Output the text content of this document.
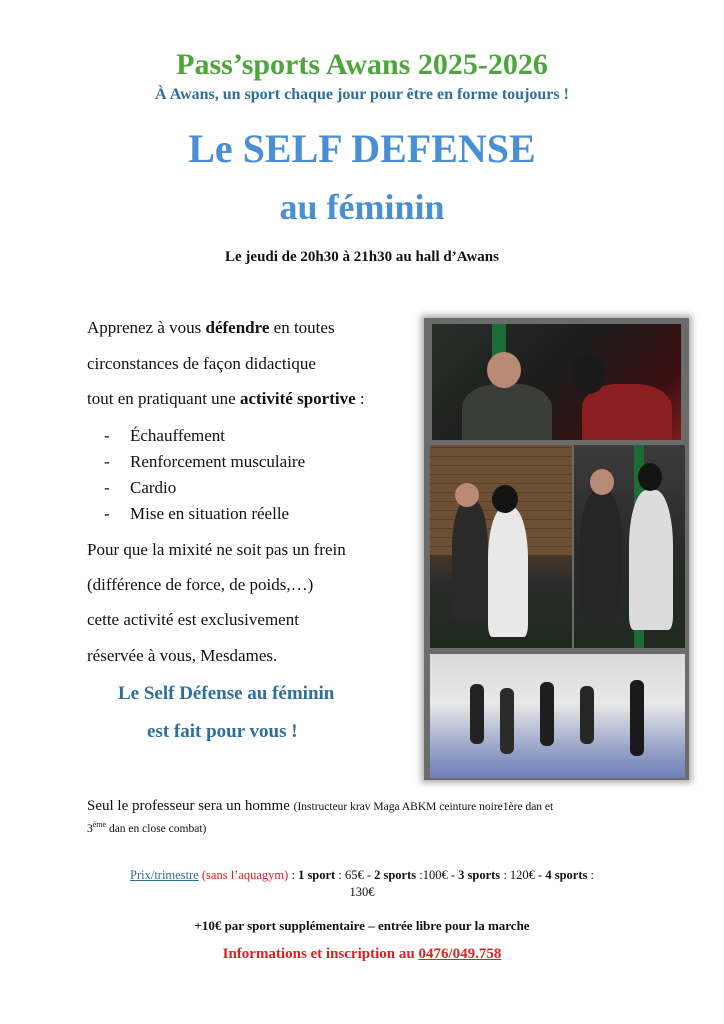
Pass’sports Awans 2025-2026
À Awans, un sport chaque jour pour être en forme toujours !
Le SELF DEFENSE
au féminin
Le jeudi de 20h30 à 21h30 au hall d’Awans
Apprenez à vous défendre en toutes
circonstances de façon didactique
tout en pratiquant une activité sportive :
- Échauffement
- Renforcement musculaire
- Cardio
- Mise en situation réelle
Pour que la mixité ne soit pas un frein
(différence de force, de poids,…)
cette activité est exclusivement
réservée à vous, Mesdames.
Le Self Défense au féminin
est fait pour vous !
Seul le professeur sera un homme (Instructeur krav Maga ABKM ceinture noire1ère dan et
3ème dan en close combat)
Prix/trimestre (sans l’aquagym) : 1 sport : 65€ - 2 sports :100€ - 3 sports : 120€ - 4 sports :
130€
+10€ par sport supplémentaire – entrée libre pour la marche
Informations et inscription au 0476/049.758
